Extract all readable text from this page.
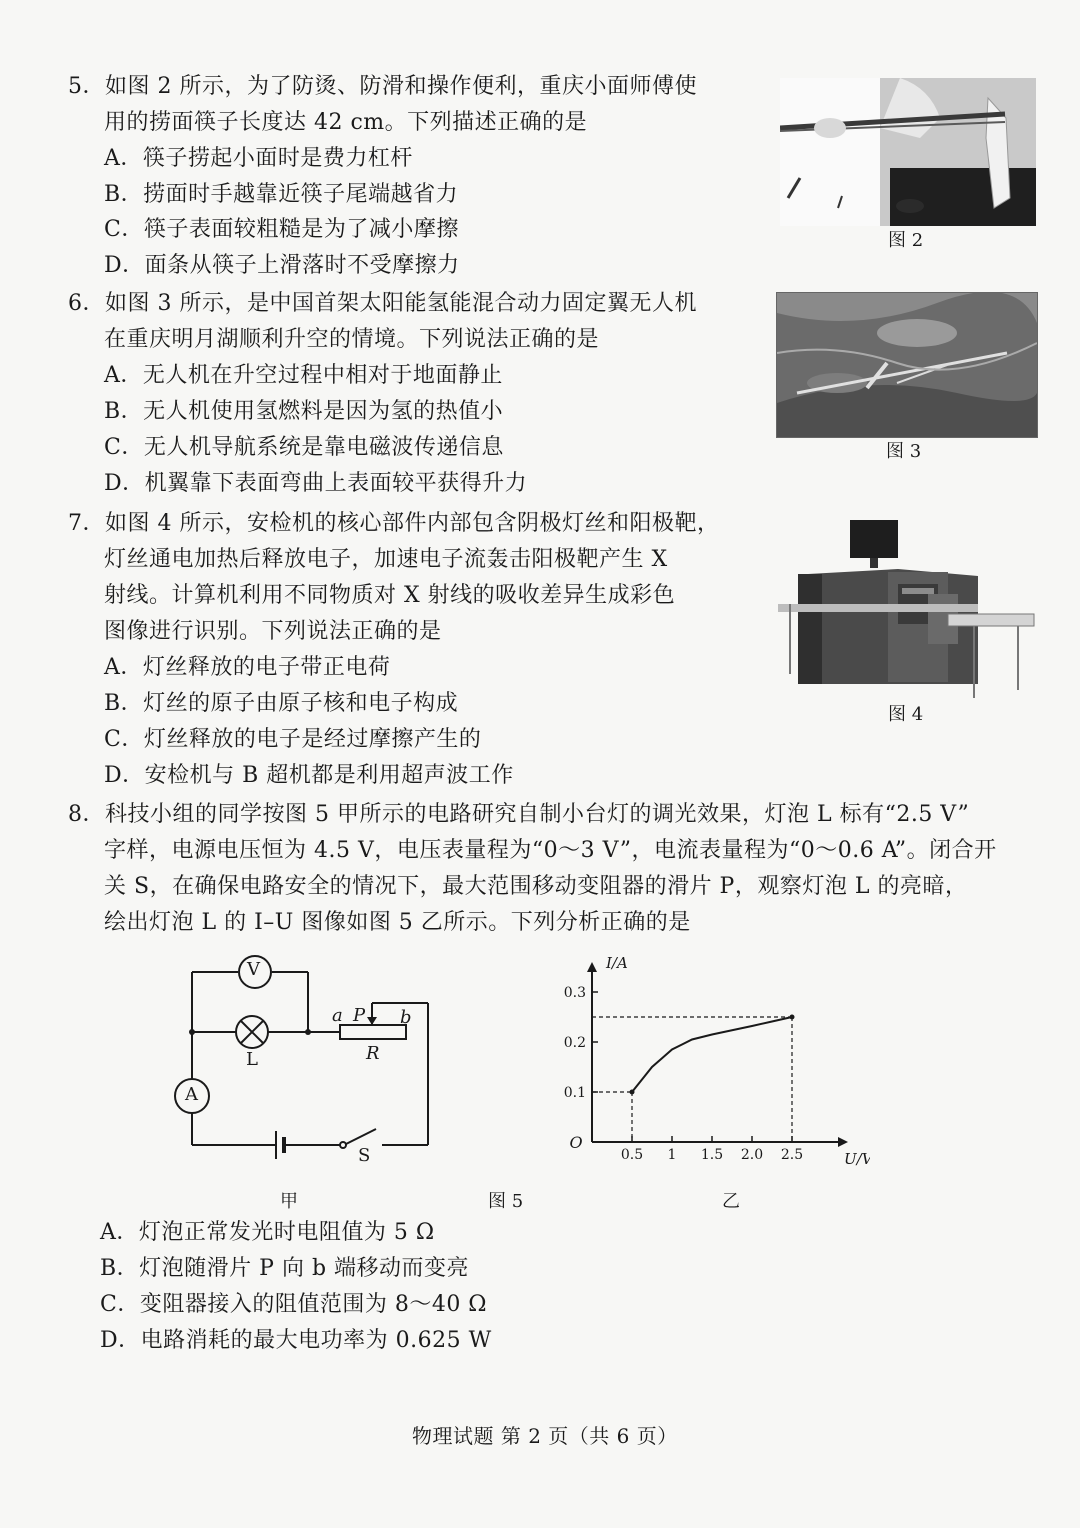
5．如图 2 所示，为了防烫、防滑和操作便利，重庆小面师傅使
用的捞面筷子长度达 42 cm。下列描述正确的是
A．筷子捞起小面时是费力杠杆
B．捞面时手越靠近筷子尾端越省力
C．筷子表面较粗糙是为了减小摩擦
D．面条从筷子上滑落时不受摩擦力
图 2
6．如图 3 所示，是中国首架太阳能氢能混合动力固定翼无人机
在重庆明月湖顺利升空的情境。下列说法正确的是
A．无人机在升空过程中相对于地面静止
B．无人机使用氢燃料是因为氢的热值小
C．无人机导航系统是靠电磁波传递信息
D．机翼靠下表面弯曲上表面较平获得升力
图 3
7．如图 4 所示，安检机的核心部件内部包含阴极灯丝和阳极靶，
灯丝通电加热后释放电子，加速电子流轰击阳极靶产生 X
射线。计算机利用不同物质对 X 射线的吸收差异生成彩色
图像进行识别。下列说法正确的是
A．灯丝释放的电子带正电荷
B．灯丝的原子由原子核和电子构成
C．灯丝释放的电子是经过摩擦产生的
D．安检机与 B 超机都是利用超声波工作
图 4
8．科技小组的同学按图 5 甲所示的电路研究自制小台灯的调光效果，灯泡 L 标有“2.5 V”
字样，电源电压恒为 4.5 V，电压表量程为“0～3 V”，电流表量程为“0～0.6 A”。闭合开
关 S，在确保电路安全的情况下，最大范围移动变阻器的滑片 P，观察灯泡 L 的亮暗，
绘出灯泡 L 的 I–U 图像如图 5 乙所示。下列分析正确的是
V
L
A
S
a P b
R
I/A
U/V
O
0.5 1 1.5 2.0 2.5
0.1
0.2
0.3
甲	图 5	乙
A．灯泡正常发光时电阻值为 5 Ω
B．灯泡随滑片 P 向 b 端移动而变亮
C．变阻器接入的阻值范围为 8～40 Ω
D．电路消耗的最大电功率为 0.625 W
物理试题 第 2 页（共 6 页）
